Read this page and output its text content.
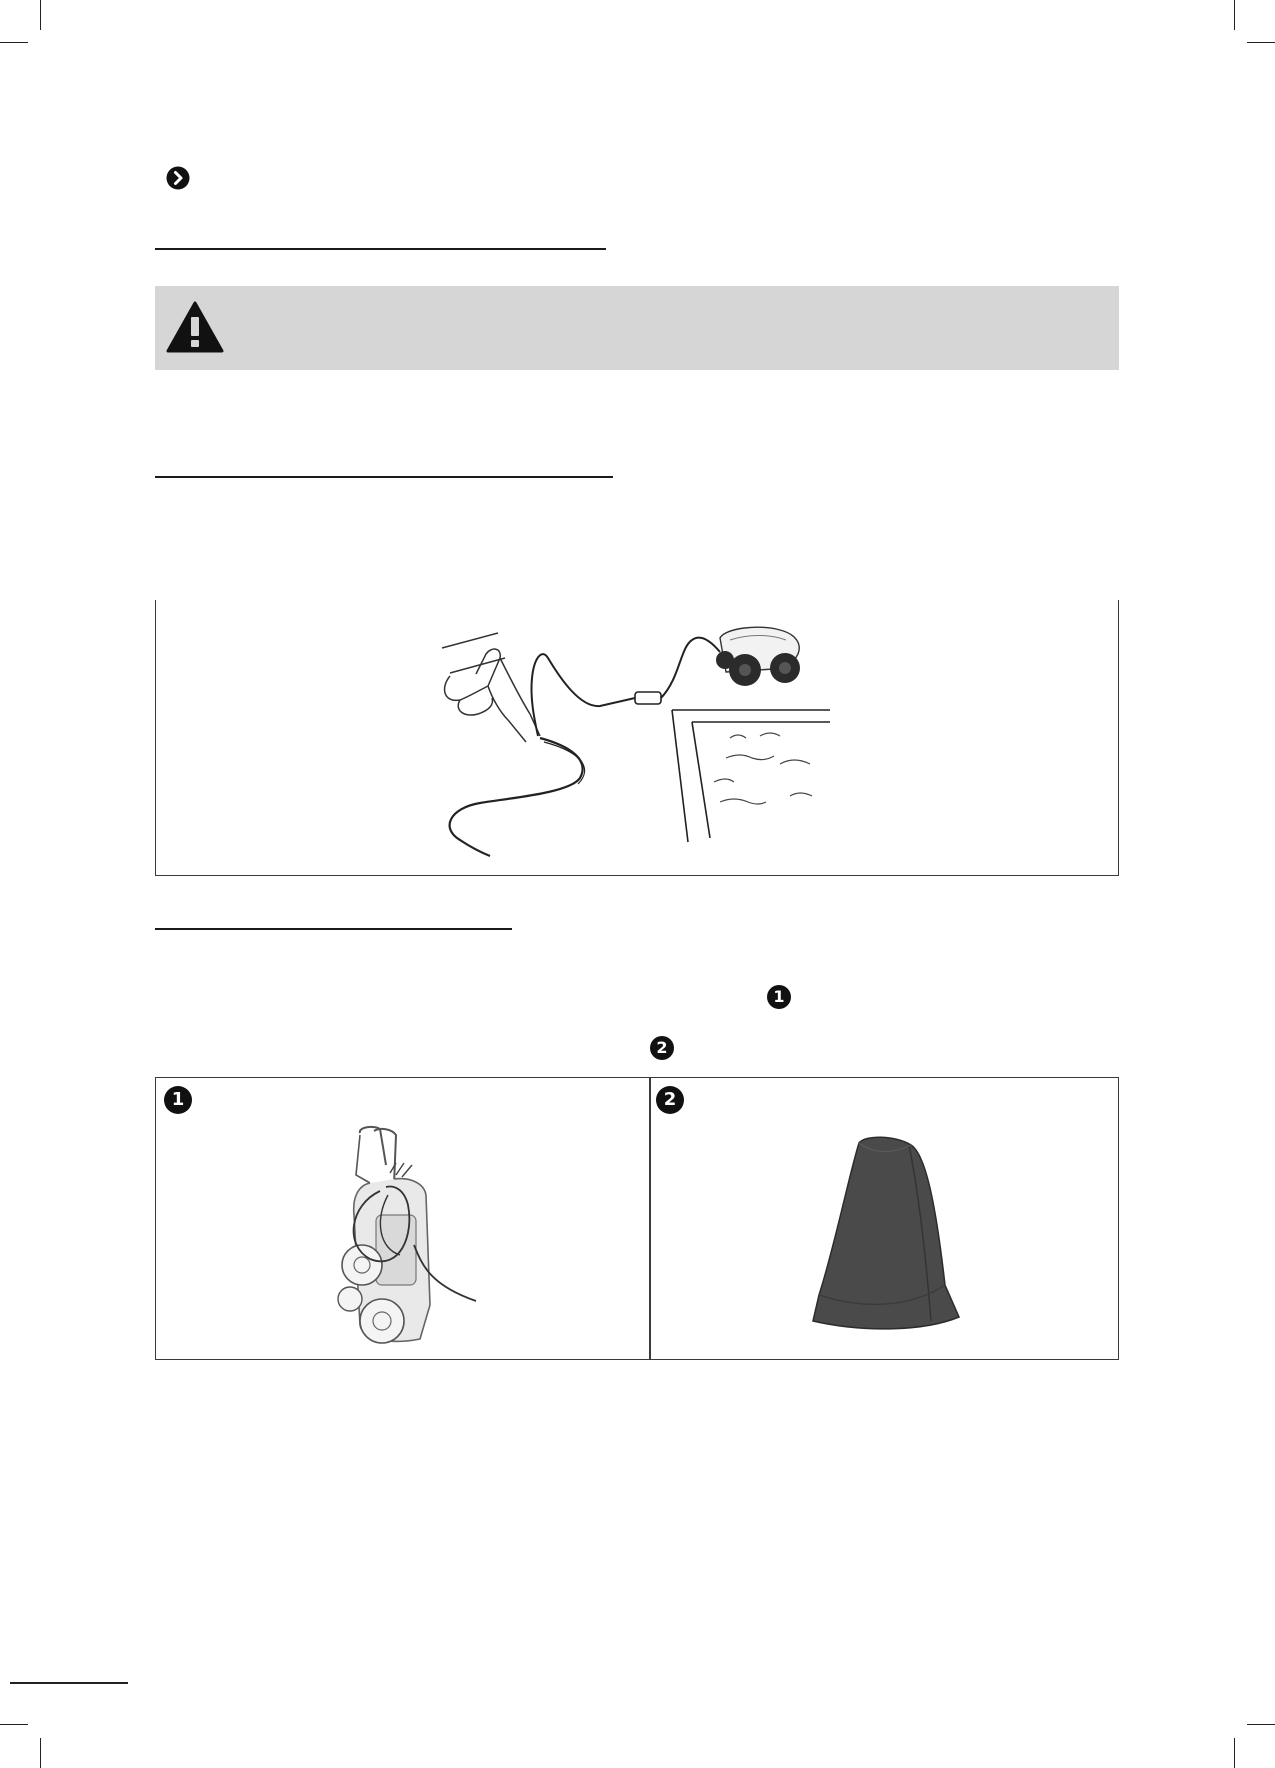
1
2
1	2
